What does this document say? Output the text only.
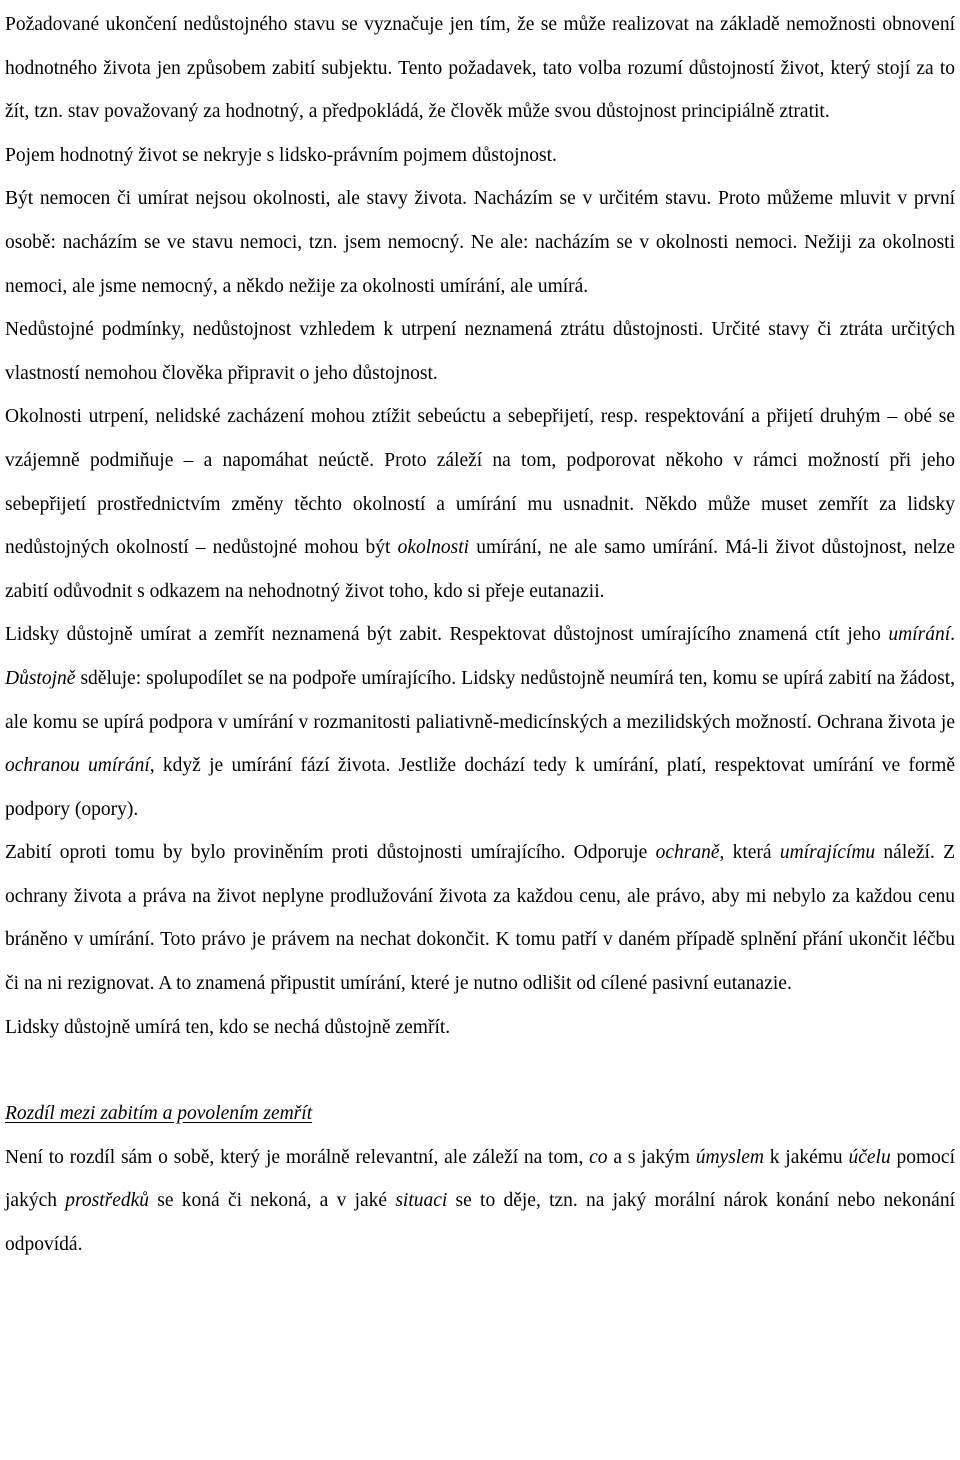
Požadované ukončení nedůstojného stavu se vyznačuje jen tím, že se může realizovat na základě nemožnosti obnovení hodnotného života jen způsobem zabití subjektu. Tento požadavek, tato volba rozumí důstojností život, který stojí za to žít, tzn. stav považovaný za hodnotný, a předpokládá, že člověk může svou důstojnost principiálně ztratit.

Pojem hodnotný život se nekryje s lidsko-právním pojmem důstojnost.

Být nemocen či umírat nejsou okolnosti, ale stavy života. Nacházím se v určitém stavu. Proto můžeme mluvit v první osobě: nacházím se ve stavu nemoci, tzn. jsem nemocný. Ne ale: nacházím se v okolnosti nemoci. Nežiji za okolnosti nemoci, ale jsme nemocný, a někdo nežije za okolnosti umírání, ale umírá.

Nedůstojné podmínky, nedůstojnost vzhledem k utrpení neznamená ztrátu důstojnosti. Určité stavy či ztráta určitých vlastností nemohou člověka připravit o jeho důstojnost.

Okolnosti utrpení, nelidské zacházení mohou ztížit sebeúctu a sebepřijetí, resp. respektování a přijetí druhým – obé se vzájemně podmiňuje – a napomáhat neúctě. Proto záleží na tom, podporovat někoho v rámci možností při jeho sebepřijetí prostřednictvím změny těchto okolností a umírání mu usnadnit. Někdo může muset zemřít za lidsky nedůstojných okolností – nedůstojné mohou být okolnosti umírání, ne ale samo umírání. Má-li život důstojnost, nelze zabití odůvodnit s odkazem na nehodnotný život toho, kdo si přeje eutanazii.

Lidsky důstojně umírat a zemřít neznamená být zabit. Respektovat důstojnost umírajícího znamená ctít jeho umírání. Důstojně sděluje: spolupodílet se na podpoře umírajícího. Lidsky nedůstojně neumírá ten, komu se upírá zabití na žádost, ale komu se upírá podpora v umírání v rozmanitosti paliativně-medicínských a mezilidských možností. Ochrana života je ochranou umírání, když je umírání fází života. Jestliže dochází tedy k umírání, platí, respektovat umírání ve formě podpory (opory).

Zabití oproti tomu by bylo proviněním proti důstojnosti umírajícího. Odporuje ochraně, která umírajícímu náleží. Z ochrany života a práva na život neplyne prodlužování života za každou cenu, ale právo, aby mi nebylo za každou cenu bráněno v umírání. Toto právo je právem na nechat dokončit. K tomu patří v daném případě splnění přání ukončit léčbu či na ni rezignovat. A to znamená připustit umírání, které je nutno odlišit od cílené pasivní eutanazie.

Lidsky důstojně umírá ten, kdo se nechá důstojně zemřít.

Rozdíl mezi zabitím a povolením zemřít

Není to rozdíl sám o sobě, který je morálně relevantní, ale záleží na tom, co a s jakým úmyslem k jakému účelu pomocí jakých prostředků se koná či nekoná, a v jaké situaci se to děje, tzn. na jaký morální nárok konání nebo nekonání odpovídá.
